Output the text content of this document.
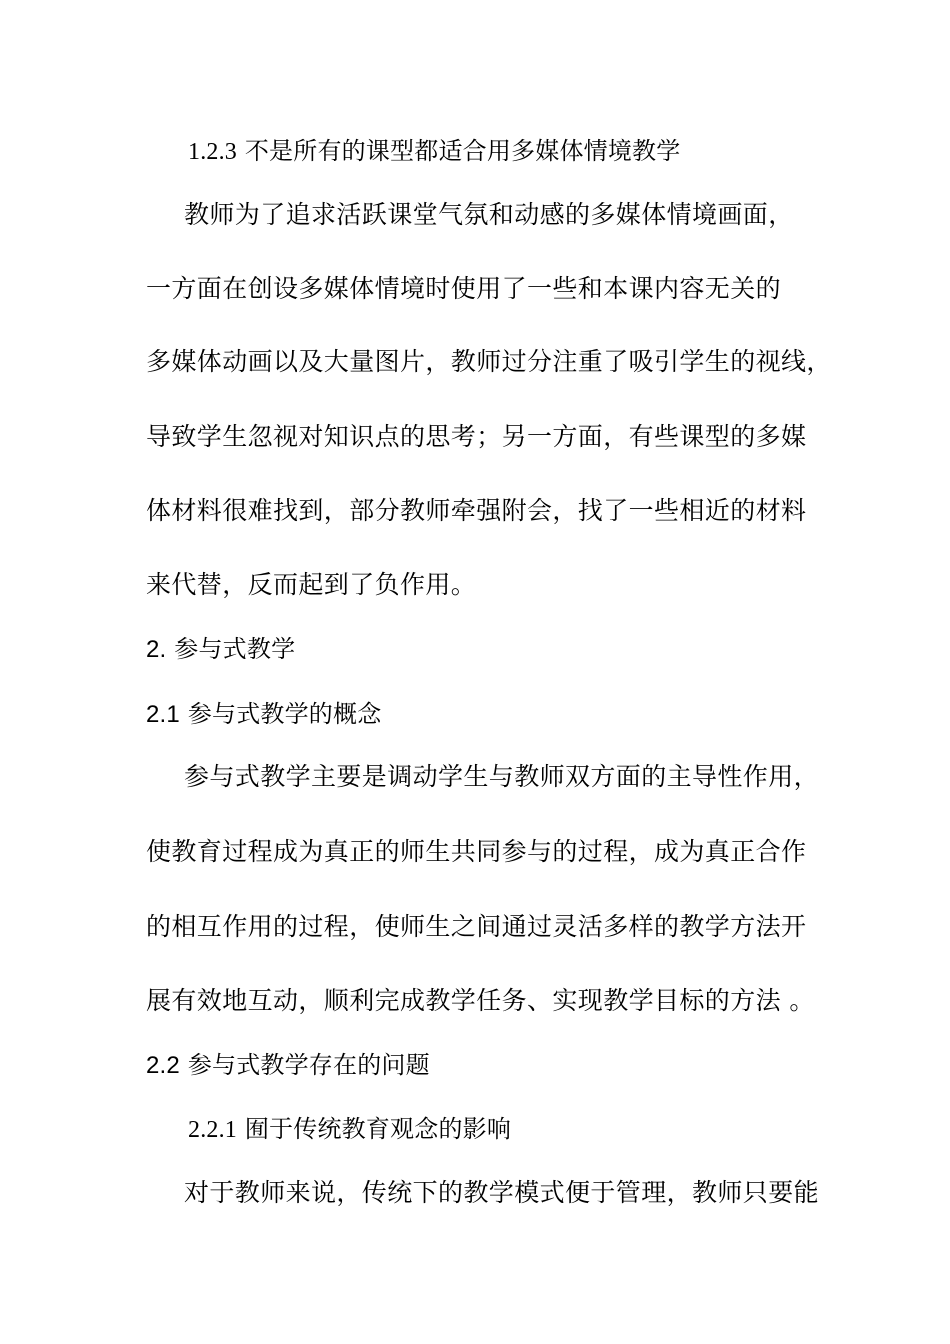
1.2.3 不是所有的课型都适合用多媒体情境教学
教师为了追求活跃课堂气氛和动感的多媒体情境画面，
一方面在创设多媒体情境时使用了一些和本课内容无关的
多媒体动画以及大量图片，教师过分注重了吸引学生的视线，
导致学生忽视对知识点的思考；另一方面，有些课型的多媒
体材料很难找到，部分教师牵强附会，找了一些相近的材料
来代替，反而起到了负作用。
2. 参与式教学
2.1 参与式教学的概念
参与式教学主要是调动学生与教师双方面的主导性作用，
使教育过程成为真正的师生共同参与的过程，成为真正合作
的相互作用的过程，使师生之间通过灵活多样的教学方法开
展有效地互动，顺利完成教学任务、实现教学目标的方法 。
2.2 参与式教学存在的问题
2.2.1 囿于传统教育观念的影响
对于教师来说，传统下的教学模式便于管理，教师只要能
